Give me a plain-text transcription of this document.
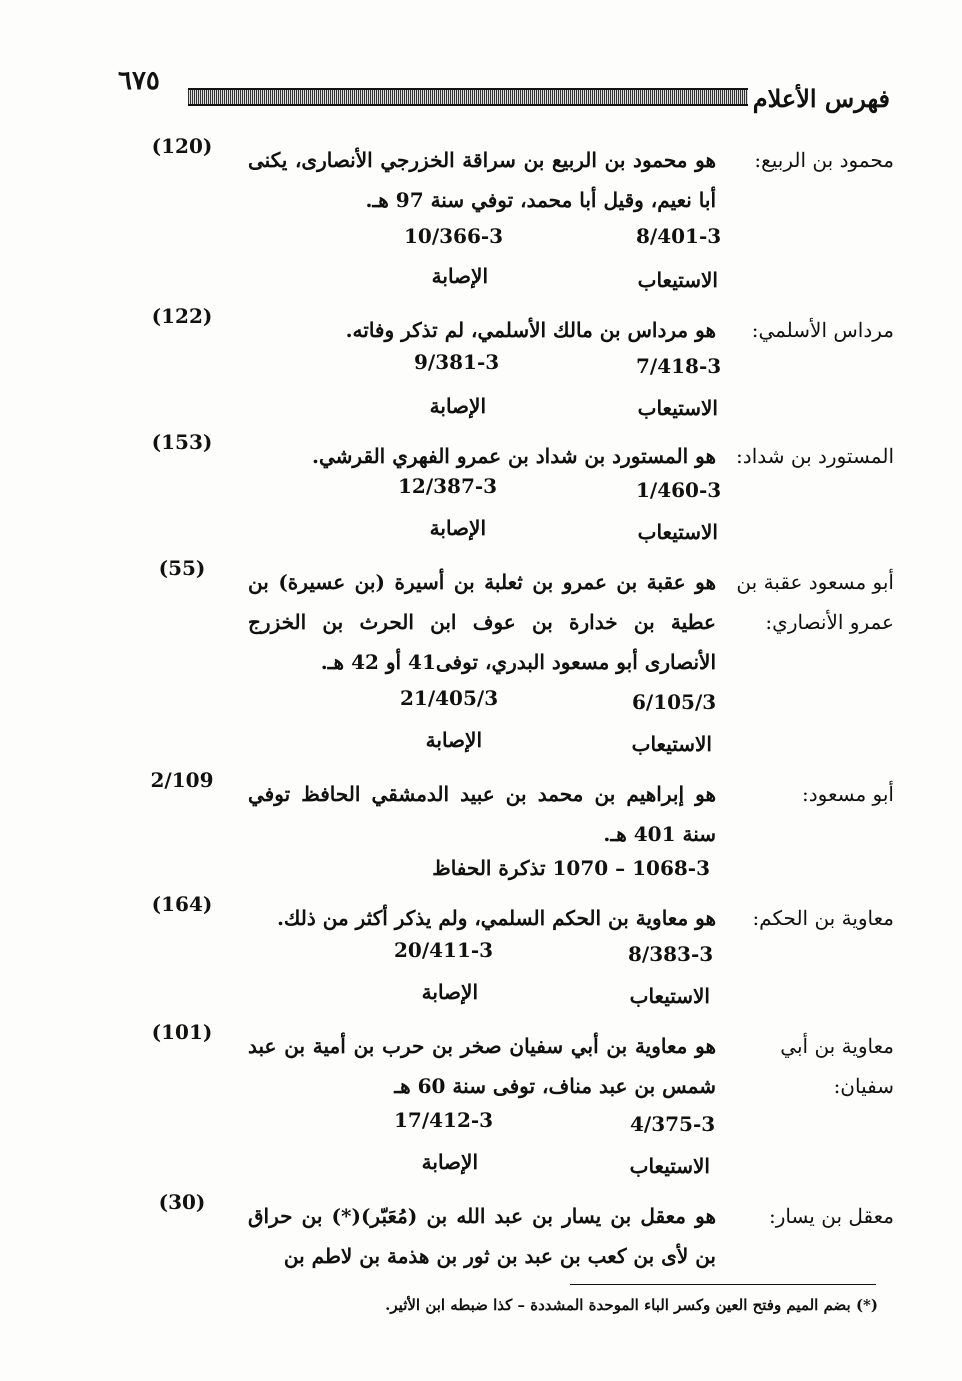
٦٧٥
فهرس الأعلام
محمود بن الربيع:
(120)
هو محمود بن الربيع بن سراقة الخزرجي الأنصارى، يكنى أبا نعيم، وقيل أبا محمد، توفي سنة 97 هـ.
8/401-3
10/366-3
الاستيعاب
الإصابة
مرداس الأسلمي:
(122)
هو مرداس بن مالك الأسلمي، لم تذكر وفاته.
7/418-3
9/381-3
الاستيعاب
الإصابة
المستورد بن شداد:
(153)
هو المستورد بن شداد بن عمرو الفهري القرشي.
1/460-3
12/387-3
الاستيعاب
الإصابة
أبو مسعود عقبة بن عمرو الأنصاري:
(55)
هو عقبة بن عمرو بن ثعلبة بن أسيرة (بن عسيرة) بن عطية بن خدارة بن عوف ابن الحرث بن الخزرج الأنصارى أبو مسعود البدري، توفى41 أو 42 هـ.
6/105/3
21/405/3
الاستيعاب
الإصابة
أبو مسعود:
2/109
هو إبراهيم بن محمد بن عبيد الدمشقي الحافظ توفي سنة 401 هـ.
1068-3 – 1070 تذكرة الحفاظ
معاوية بن الحكم:
(164)
هو معاوية بن الحكم السلمي، ولم يذكر أكثر من ذلك.
8/383-3
20/411-3
الاستيعاب
الإصابة
معاوية بن أبي سفيان:
(101)
هو معاوية بن أبي سفيان صخر بن حرب بن أمية بن عبد شمس بن عبد مناف، توفى سنة 60 هـ
4/375-3
17/412-3
الاستيعاب
الإصابة
معقل بن يسار:
(30)
هو معقل بن يسار بن عبد الله بن (مُعَبّر)(*) بن حراق بن لأى بن كعب بن عبد بن ثور بن هذمة بن لاطم بن
(*) بضم الميم وفتح العين وكسر الباء الموحدة المشددة – كذا ضبطه ابن الأثير.
